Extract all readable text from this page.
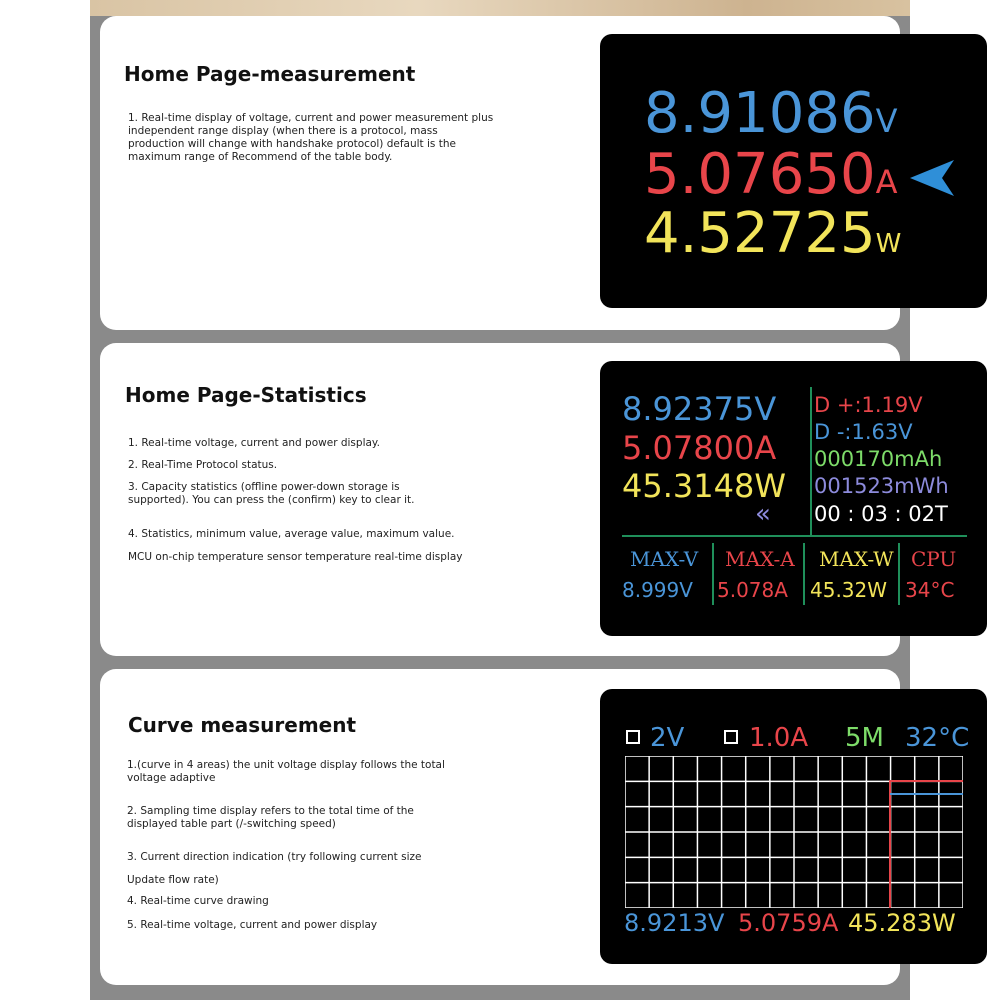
Home Page-measurement
1. Real-time display of voltage, current and power measurement plus
independent range display (when there is a protocol, mass
production will change with handshake protocol) default is the
maximum range of Recommend of the table body.
8.91086V
5.07650A
4.52725W
Home Page-Statistics
1. Real-time voltage, current and power display.
2. Real-Time Protocol status.
3. Capacity statistics (offline power-down storage is
supported). You can press the (confirm) key to clear it.
4. Statistics, minimum value, average value, maximum value.
MCU on-chip temperature sensor temperature real-time display
8.92375V
5.07800A
45.3148W
«
D +:1.19V
D -:1.63V
000170mAh
001523mWh
00 : 03 : 02T
MAX-V MAX-A MAX-W CPU
8.999V 5.078A 45.32W 34°C
Curve measurement
1.(curve in 4 areas) the unit voltage display follows the total
voltage adaptive
2. Sampling time display refers to the total time of the
displayed table part (/-switching speed)
3. Current direction indication (try following current size
Update flow rate)
4. Real-time curve drawing
5. Real-time voltage, current and power display
2V 1.0A 5M 32°C
8.9213V 5.0759A 45.283W
